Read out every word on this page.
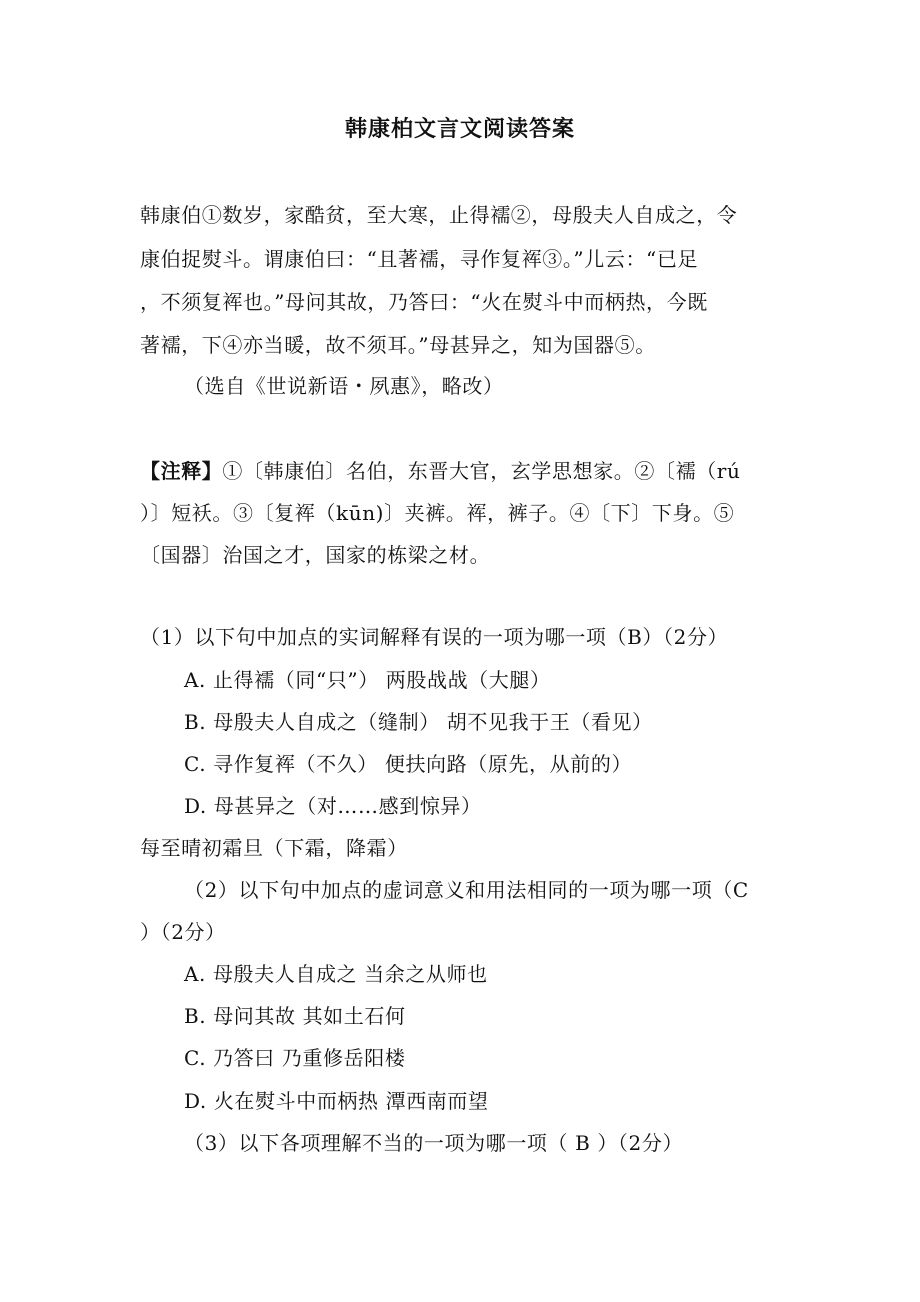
韩康柏文言文阅读答案

韩康伯①数岁，家酷贫，至大寒，止得襦②，母殷夫人自成之，令

康伯捉熨斗。谓康伯曰：“且著襦，寻作复裈③。”儿云：“已足

，不须复裈也。”母问其故，乃答曰：“火在熨斗中而柄热，今既

著襦，下④亦当暖，故不须耳。”母甚异之，知为国器⑤。

（选自《世说新语・夙惠》，略改）

【注释】①〔韩康伯〕名伯，东晋大官，玄学思想家。②〔襦（rú

）〕短袄。③〔复裈（kūn)〕夹裤。裈，裤子。④〔下〕下身。⑤

〔国器〕治国之才，国家的栋梁之材。

（1）以下句中加点的实词解释有误的一项为哪一项（B）（2分）

A. 止得襦（同“只”） 两股战战（大腿）

B. 母殷夫人自成之（缝制） 胡不见我于王（看见）

C. 寻作复裈（不久） 便扶向路（原先，从前的）

D. 母甚异之（对……感到惊异）

每至晴初霜旦（下霜，降霜）

（2）以下句中加点的虚词意义和用法相同的一项为哪一项（C

）（2分）

A. 母殷夫人自成之 当余之从师也

B. 母问其故 其如土石何

C. 乃答曰 乃重修岳阳楼

D. 火在熨斗中而柄热 潭西南而望

（3）以下各项理解不当的一项为哪一项（ B ）（2分）
